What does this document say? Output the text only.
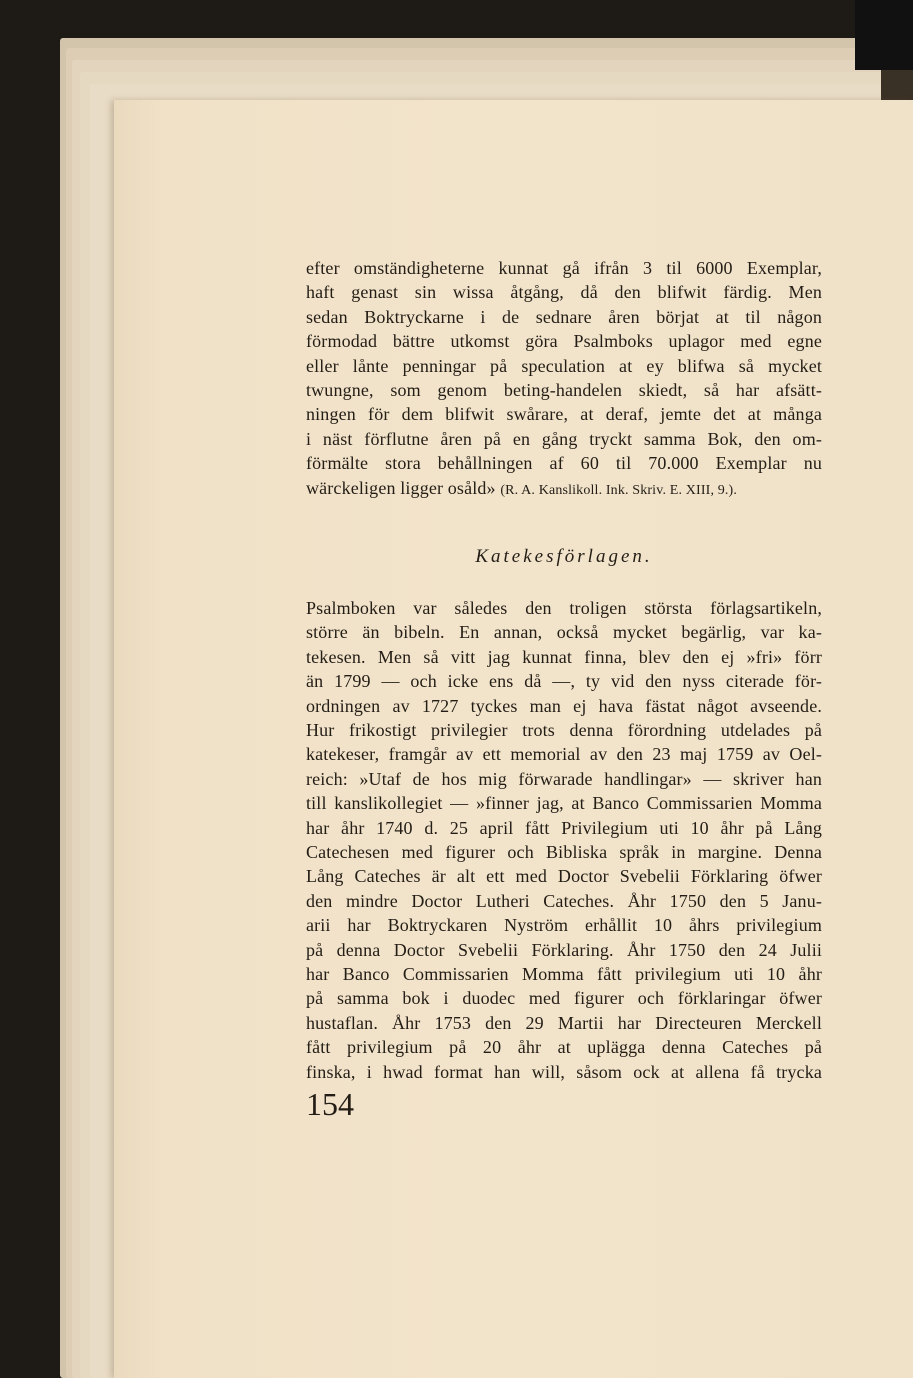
efter omständigheterne kunnat gå ifrån 3 til 6000 Exemplar,
haft genast sin wissa åtgång, då den blifwit färdig. Men
sedan Boktryckarne i de sednare åren börjat at til någon
förmodad bättre utkomst göra Psalmboks uplagor med egne
eller lånte penningar på speculation at ey blifwa så mycket
twungne, som genom beting-handelen skiedt, så har afsätt-
ningen för dem blifwit swårare, at deraf, jemte det at många
i näst förflutne åren på en gång tryckt samma Bok, den om-
förmälte stora behållningen af 60 til 70.000 Exemplar nu
wärckeligen ligger osåld» (R. A. Kanslikoll. Ink. Skriv. E. XIII, 9.).
Katekesförlagen.
Psalmboken var således den troligen största förlagsartikeln,
större än bibeln. En annan, också mycket begärlig, var ka-
tekesen. Men så vitt jag kunnat finna, blev den ej »fri» förr
än 1799 — och icke ens då —, ty vid den nyss citerade för-
ordningen av 1727 tyckes man ej hava fästat något avseende.
Hur frikostigt privilegier trots denna förordning utdelades på
katekeser, framgår av ett memorial av den 23 maj 1759 av Oel-
reich: »Utaf de hos mig förwarade handlingar» — skriver han
till kanslikollegiet — »finner jag, at Banco Commissarien Momma
har åhr 1740 d. 25 april fått Privilegium uti 10 åhr på Lång
Catechesen med figurer och Bibliska språk in margine. Denna
Lång Cateches är alt ett med Doctor Svebelii Förklaring öfwer
den mindre Doctor Lutheri Cateches. Åhr 1750 den 5 Janu-
arii har Boktryckaren Nyström erhållit 10 åhrs privilegium
på denna Doctor Svebelii Förklaring. Åhr 1750 den 24 Julii
har Banco Commissarien Momma fått privilegium uti 10 åhr
på samma bok i duodec med figurer och förklaringar öfwer
hustaflan. Åhr 1753 den 29 Martii har Directeuren Merckell
fått privilegium på 20 åhr at uplägga denna Cateches på
finska, i hwad format han will, såsom ock at allena få trycka
154
